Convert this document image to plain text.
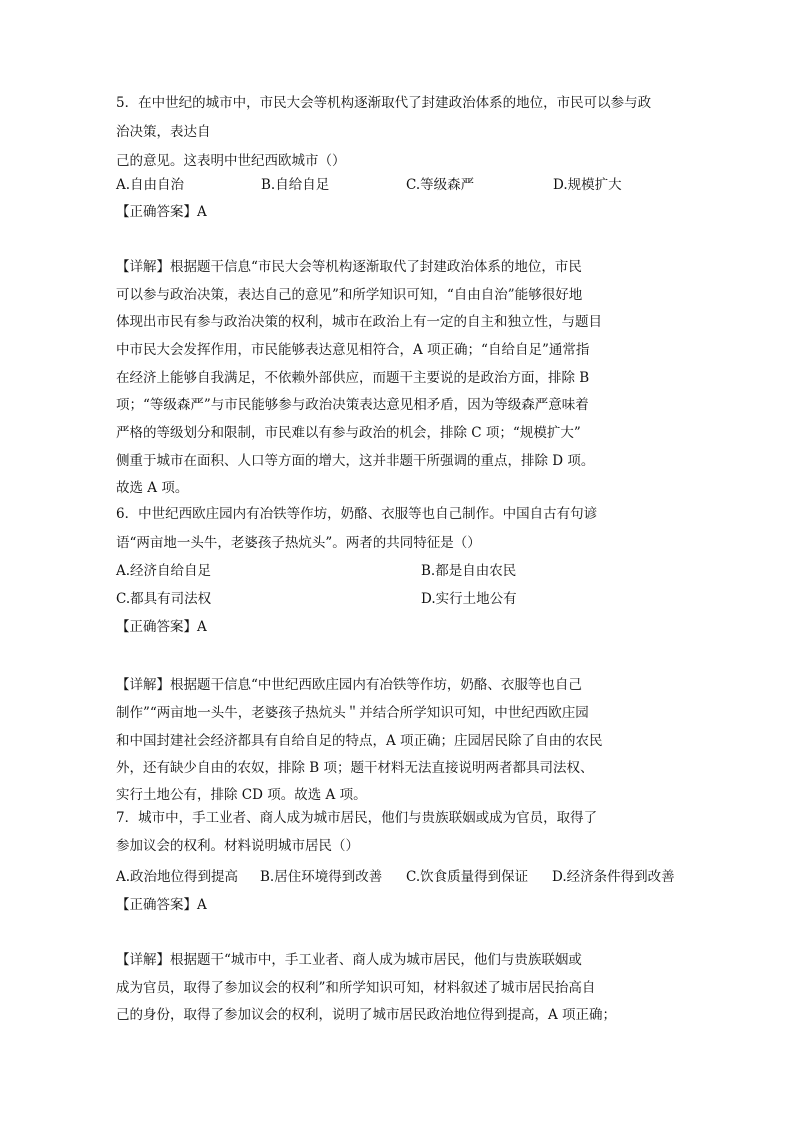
5．在中世纪的城市中，市民大会等机构逐渐取代了封建政治体系的地位，市民可以参与政
治决策，表达自
己的意见。这表明中世纪西欧城市（）
A.自由自治	B.自给自足	C.等级森严	D.规模扩大
【正确答案】A
【详解】根据题干信息“市民大会等机构逐渐取代了封建政治体系的地位，市民
可以参与政治决策，表达自己的意见”和所学知识可知，“自由自治”能够很好地
体现出市民有参与政治决策的权利，城市在政治上有一定的自主和独立性，与题目
中市民大会发挥作用，市民能够表达意见相符合，A 项正确；“自给自足”通常指
在经济上能够自我满足，不依赖外部供应，而题干主要说的是政治方面，排除 B
项；“等级森严”与市民能够参与政治决策表达意见相矛盾，因为等级森严意味着
严格的等级划分和限制，市民难以有参与政治的机会，排除 C 项；“规模扩大”
侧重于城市在面积、人口等方面的增大，这并非题干所强调的重点，排除 D 项。
故选 A 项。
6．中世纪西欧庄园内有冶铁等作坊，奶酪、衣服等也自己制作。中国自古有句谚
语“两亩地一头牛，老婆孩子热炕头”。两者的共同特征是（）
A.经济自给自足	B.都是自由农民
C.都具有司法权	D.实行土地公有
【正确答案】A
【详解】根据题干信息“中世纪西欧庄园内有冶铁等作坊，奶酪、衣服等也自己
制作”“两亩地一头牛，老婆孩子热炕头＂并结合所学知识可知，中世纪西欧庄园
和中国封建社会经济都具有自给自足的特点，A 项正确；庄园居民除了自由的农民
外，还有缺少自由的农奴，排除 B 项；题干材料无法直接说明两者都具司法权、
实行土地公有，排除 CD 项。故选 A 项。
7．城市中，手工业者、商人成为城市居民，他们与贵族联姻或成为官员，取得了
参加议会的权利。材料说明城市居民（）
A.政治地位得到提高 B.居住环境得到改善 C.饮食质量得到保证 D.经济条件得到改善
【正确答案】A
【详解】根据题干“城市中，手工业者、商人成为城市居民，他们与贵族联姻或
成为官员，取得了参加议会的权利”和所学知识可知，材料叙述了城市居民抬高自
己的身份，取得了参加议会的权利，说明了城市居民政治地位得到提高，A 项正确；
